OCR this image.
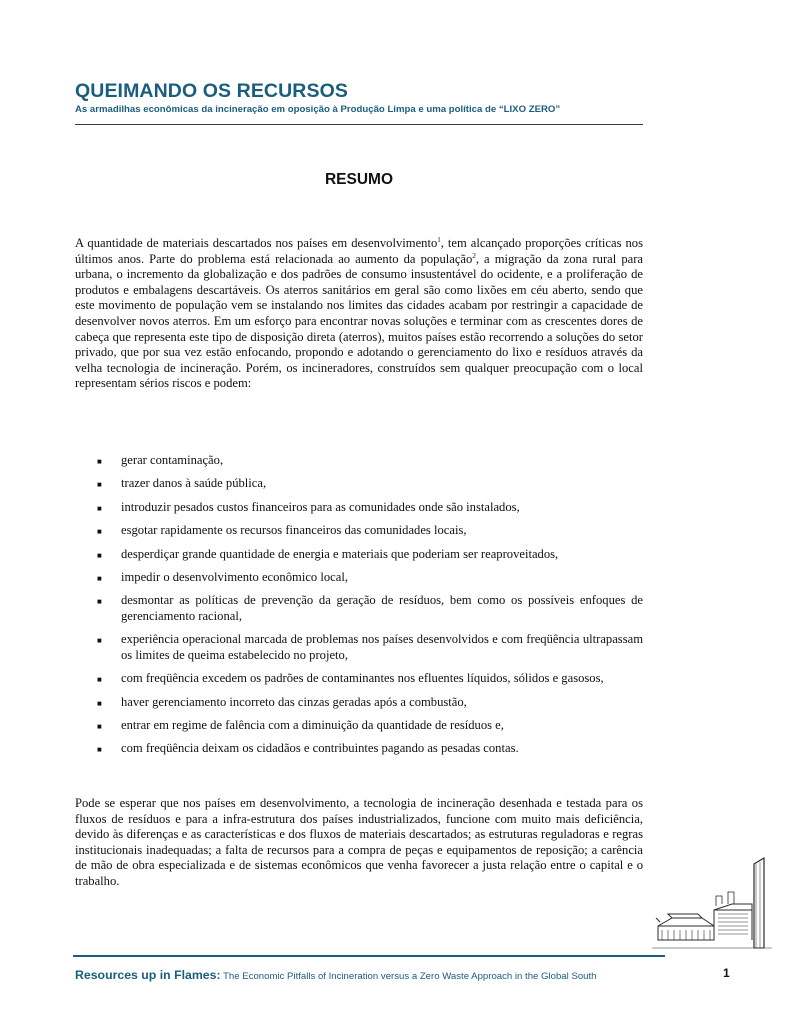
QUEIMANDO OS RECURSOS
As armadilhas econômicas da incineração em oposição à Produção Limpa e uma política de “LIXO ZERO”
RESUMO

A quantidade de materiais descartados nos países em desenvolvimento$^1$, tem alcançado proporções críticas nos últimos anos. Parte do problema está relacionada ao aumento da população$^2$, a migração da zona rural para urbana, o incremento da globalização e dos padrões de consumo insustentável do ocidente, e a proliferação de produtos e embalagens descartáveis. Os aterros sanitários em geral são como lixões em céu aberto, sendo que este movimento de população vem se instalando nos limites das cidades acabam por restringir a capacidade de desenvolver novos aterros. Em um esforço para encontrar novas soluções e terminar com as crescentes dores de cabeça que representa este tipo de disposição direta (aterros), muitos países estão recorrendo a soluções do setor privado, que por sua vez estão enfocando, propondo e adotando o gerenciamento do lixo e resíduos através da velha tecnologia de incineração. Porém, os incineradores, construídos sem qualquer preocupação com o local representam sérios riscos e podem:

■ gerar contaminação,
■ trazer danos à saúde pública,
■ introduzir pesados custos financeiros para as comunidades onde são instalados,
■ esgotar rapidamente os recursos financeiros das comunidades locais,
■ desperdiçar grande quantidade de energia e materiais que poderiam ser reaproveitados,
■ impedir o desenvolvimento econômico local,
■ desmontar as políticas de prevenção da geração de resíduos, bem como os possíveis enfoques de gerenciamento racional,
■ experiência operacional marcada de problemas nos países desenvolvidos e com freqüência ultrapassam os limites de queima estabelecido no projeto,
■ com freqüência excedem os padrões de contaminantes nos efluentes líquidos, sólidos e gasosos,
■ haver gerenciamento incorreto das cinzas geradas após a combustão,
■ entrar em regime de falência com a diminuição da quantidade de resíduos e,
■ com freqüência deixam os cidadãos e contribuintes pagando as pesadas contas.

Pode se esperar que nos países em desenvolvimento, a tecnologia de incineração desenhada e testada para os fluxos de resíduos e para a infra-estrutura dos países industrializados, funcione com muito mais deficiência, devido às diferenças e as características e dos fluxos de materiais descartados; as estruturas reguladoras e regras institucionais inadequadas; a falta de recursos para a compra de peças e equipamentos de reposição; a carência de mão de obra especializada e de sistemas econômicos que venha favorecer a justa relação entre o capital e o trabalho.

Resources up in Flames: The Economic Pitfalls of Incineration versus a Zero Waste Approach in the Global South	1
